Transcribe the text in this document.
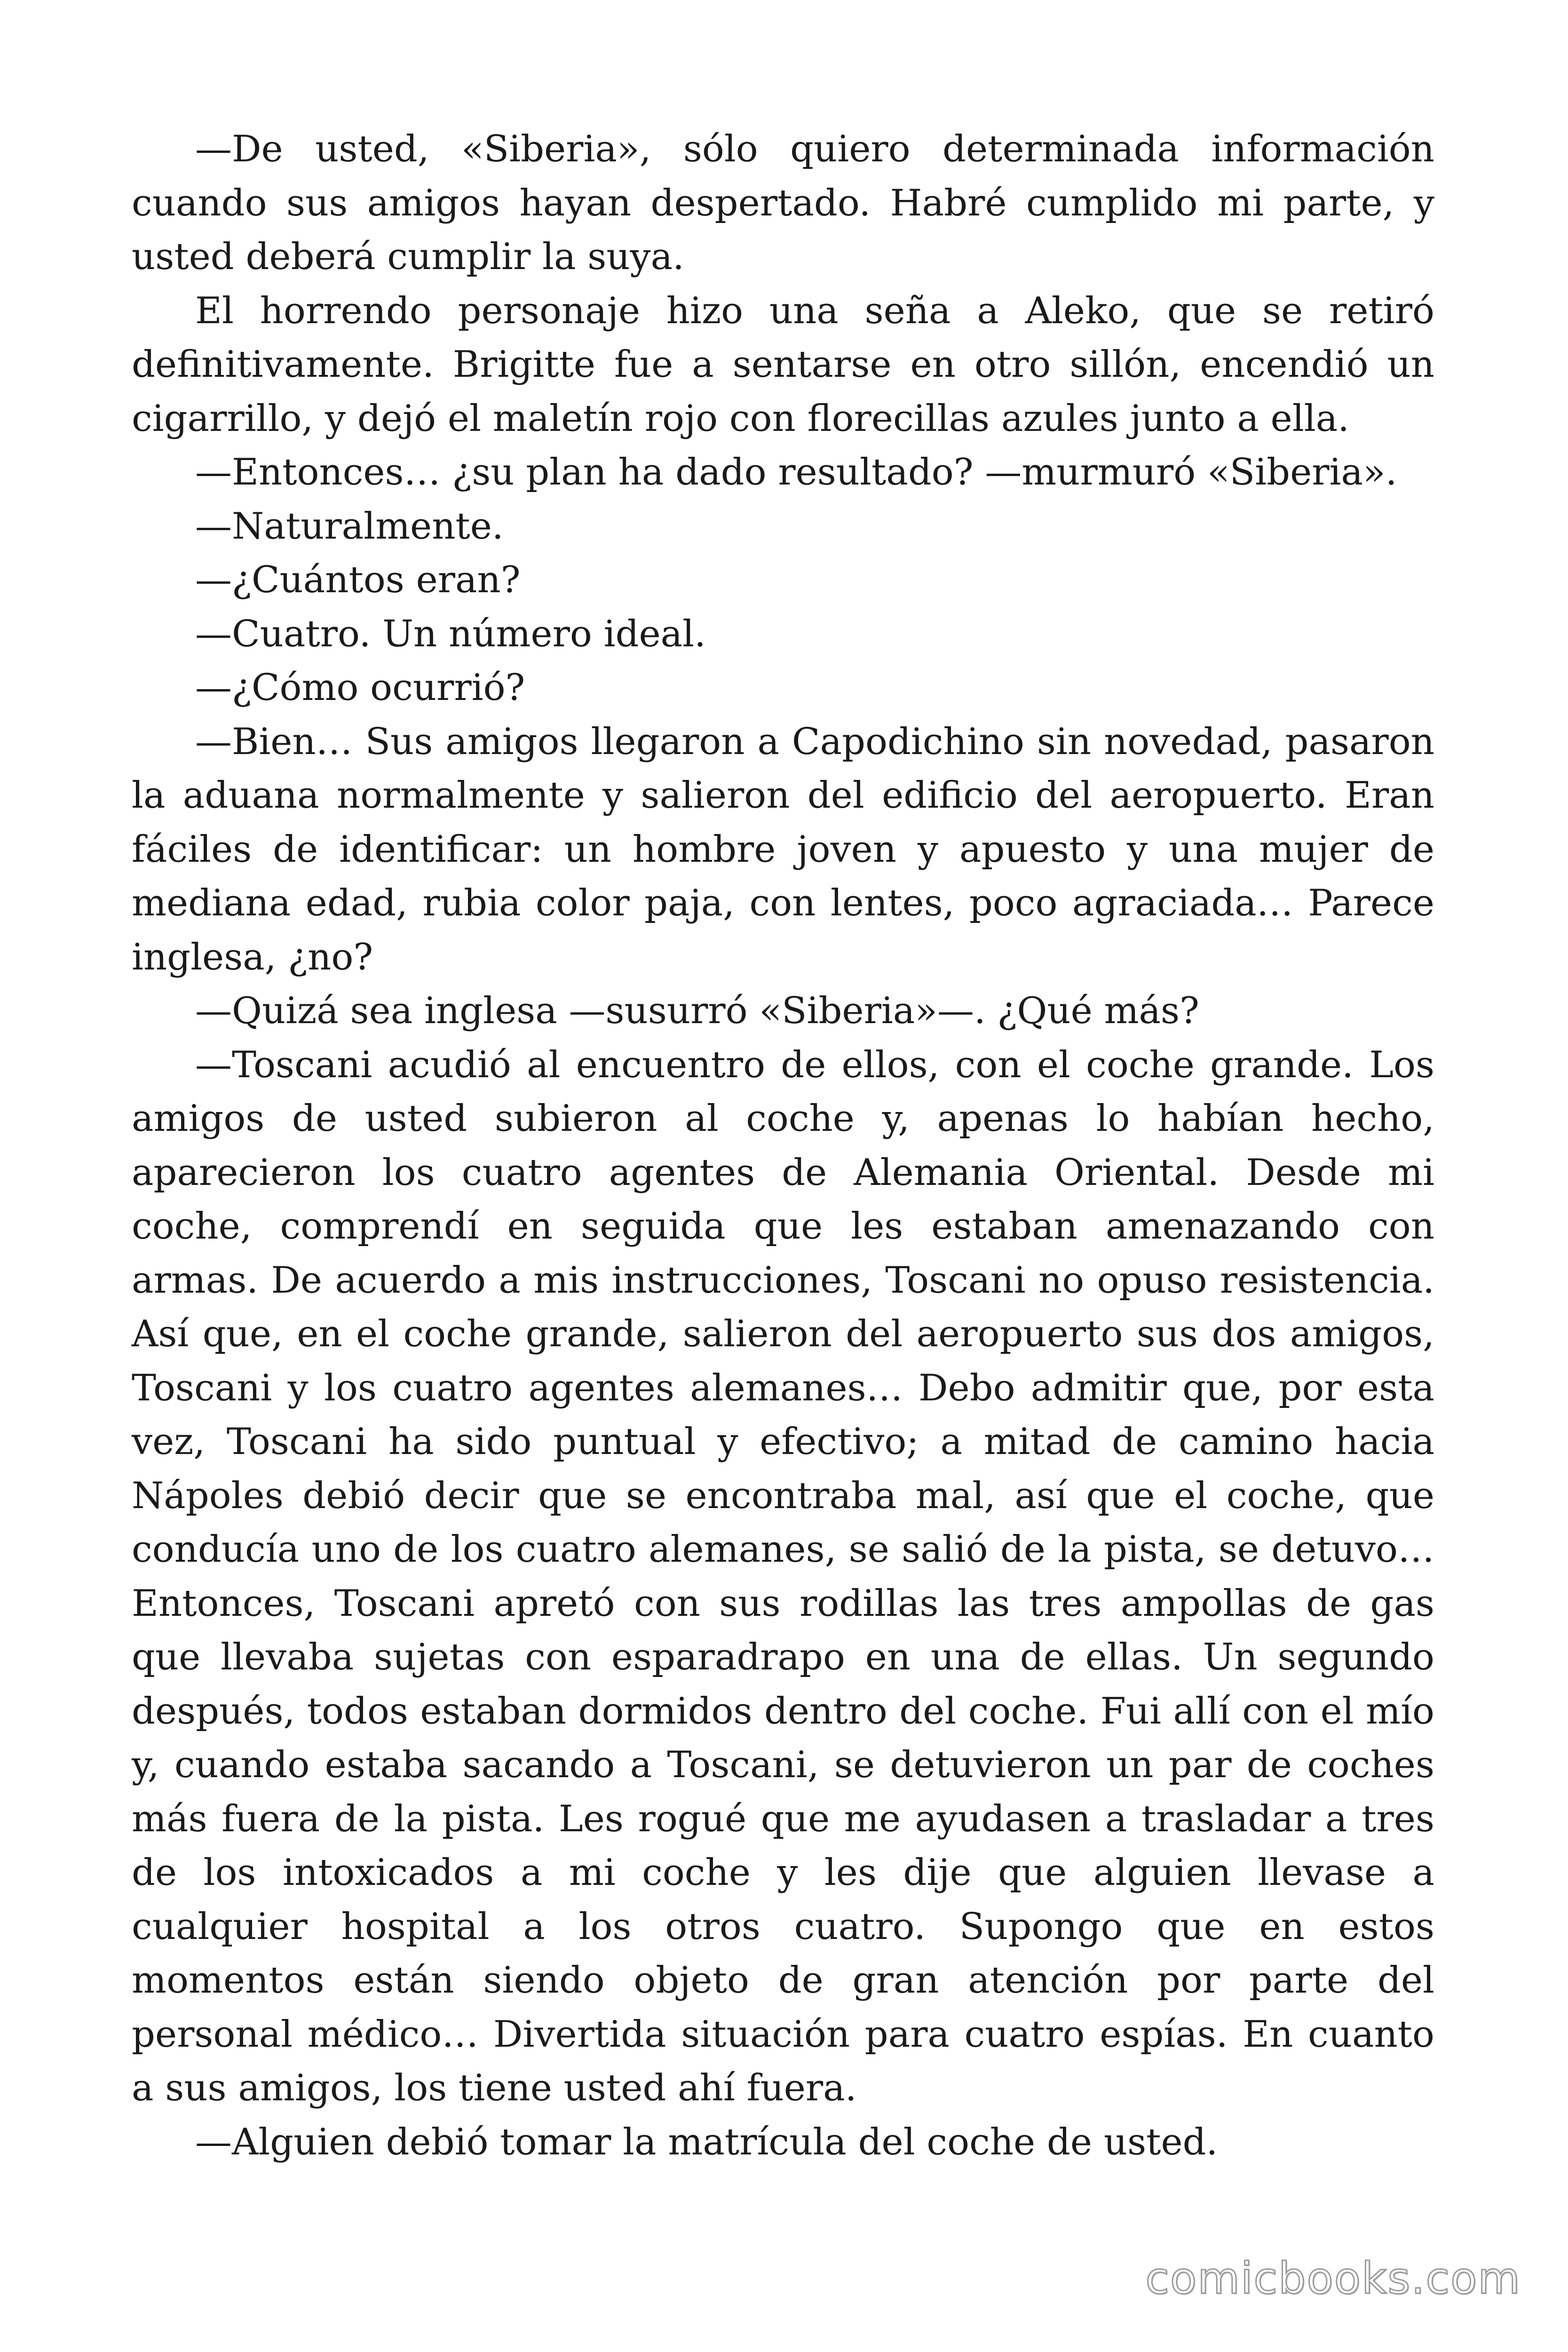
—De usted, «Siberia», sólo quiero determinada información cuando sus amigos hayan despertado. Habré cumplido mi parte, y usted deberá cumplir la suya.

El horrendo personaje hizo una seña a Aleko, que se retiró definitivamente. Brigitte fue a sentarse en otro sillón, encendió un cigarrillo, y dejó el maletín rojo con florecillas azules junto a ella.

—Entonces… ¿su plan ha dado resultado? —murmuró «Siberia».

—Naturalmente.

—¿Cuántos eran?

—Cuatro. Un número ideal.

—¿Cómo ocurrió?

—Bien… Sus amigos llegaron a Capodichino sin novedad, pasaron la aduana normalmente y salieron del edificio del aeropuerto. Eran fáciles de identificar: un hombre joven y apuesto y una mujer de mediana edad, rubia color paja, con lentes, poco agraciada… Parece inglesa, ¿no?

—Quizá sea inglesa —susurró «Siberia»—. ¿Qué más?

—Toscani acudió al encuentro de ellos, con el coche grande. Los amigos de usted subieron al coche y, apenas lo habían hecho, aparecieron los cuatro agentes de Alemania Oriental. Desde mi coche, comprendí en seguida que les estaban amenazando con armas. De acuerdo a mis instrucciones, Toscani no opuso resistencia. Así que, en el coche grande, salieron del aeropuerto sus dos amigos, Toscani y los cuatro agentes alemanes… Debo admitir que, por esta vez, Toscani ha sido puntual y efectivo; a mitad de camino hacia Nápoles debió decir que se encontraba mal, así que el coche, que conducía uno de los cuatro alemanes, se salió de la pista, se detuvo… Entonces, Toscani apretó con sus rodillas las tres ampollas de gas que llevaba sujetas con esparadrapo en una de ellas. Un segundo después, todos estaban dormidos dentro del coche. Fui allí con el mío y, cuando estaba sacando a Toscani, se detuvieron un par de coches más fuera de la pista. Les rogué que me ayudasen a trasladar a tres de los intoxicados a mi coche y les dije que alguien llevase a cualquier hospital a los otros cuatro. Supongo que en estos momentos están siendo objeto de gran atención por parte del personal médico… Divertida situación para cuatro espías. En cuanto a sus amigos, los tiene usted ahí fuera.

—Alguien debió tomar la matrícula del coche de usted.

comicbooks.com
